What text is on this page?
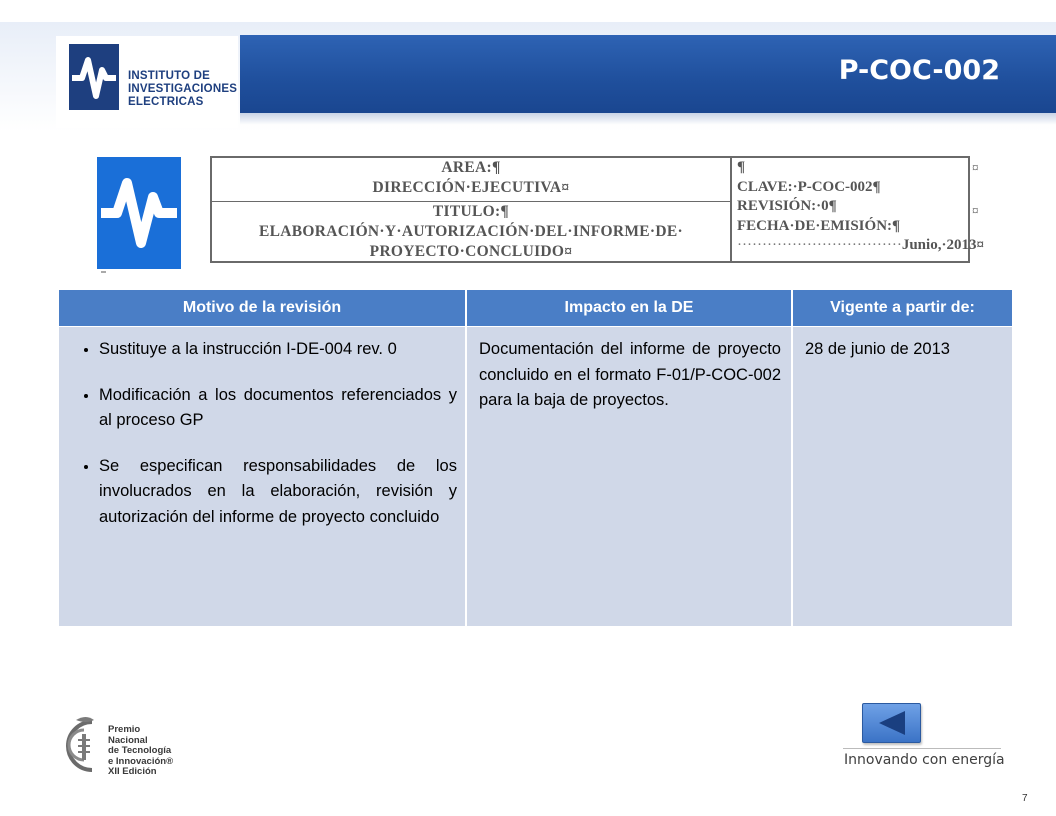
INSTITUTO DE
INVESTIGACIONES
ELECTRICAS
P-COC-002
AREA:¶
DIRECCIÓN·EJECUTIVA¤
TITULO:¶
ELABORACIÓN·Y·AUTORIZACIÓN·DEL·INFORME·DE·
PROYECTO·CONCLUIDO¤
¶
CLAVE:·P-COC-002¶
REVISIÓN:·0¶
FECHA·DE·EMISIÓN:¶
·································Junio,·2013¤
¤
¤
Motivo de la revisión	Impacto en la DE	Vigente a partir de:
• Sustituye a la instrucción I-DE-004 rev. 0
• Modificación a los documentos referenciados y al proceso GP
• Se especifican responsabilidades de los involucrados en la elaboración, revisión y autorización del informe de proyecto concluido

Documentación del informe de proyecto concluido en el formato F-01/P-COC-002 para la baja de proyectos.

28 de junio de 2013

Premio
Nacional
de Tecnología
e Innovación®
XII Edición
Innovando con energía
7
